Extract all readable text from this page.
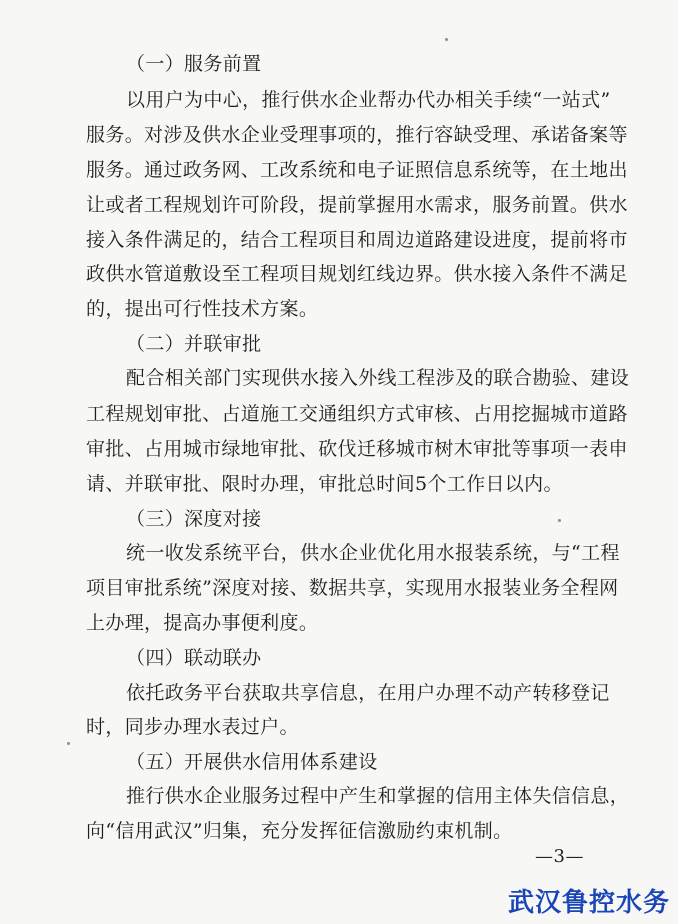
（一）服务前置
以用户为中心，推行供水企业帮办代办相关手续“一站式”
服务。对涉及供水企业受理事项的，推行容缺受理、承诺备案等
服务。通过政务网、工改系统和电子证照信息系统等，在土地出
让或者工程规划许可阶段，提前掌握用水需求，服务前置。供水
接入条件满足的，结合工程项目和周边道路建设进度，提前将市
政供水管道敷设至工程项目规划红线边界。供水接入条件不满足
的，提出可行性技术方案。
（二）并联审批
配合相关部门实现供水接入外线工程涉及的联合勘验、建设
工程规划审批、占道施工交通组织方式审核、占用挖掘城市道路
审批、占用城市绿地审批、砍伐迁移城市树木审批等事项一表申
请、并联审批、限时办理，审批总时间5个工作日以内。
（三）深度对接
统一收发系统平台，供水企业优化用水报装系统，与“工程
项目审批系统”深度对接、数据共享，实现用水报装业务全程网
上办理，提高办事便利度。
（四）联动联办
依托政务平台获取共享信息，在用户办理不动产转移登记
时，同步办理水表过户。
（五）开展供水信用体系建设
推行供水企业服务过程中产生和掌握的信用主体失信信息，
向“信用武汉”归集，充分发挥征信激励约束机制。
—3—
武汉鲁控水务
